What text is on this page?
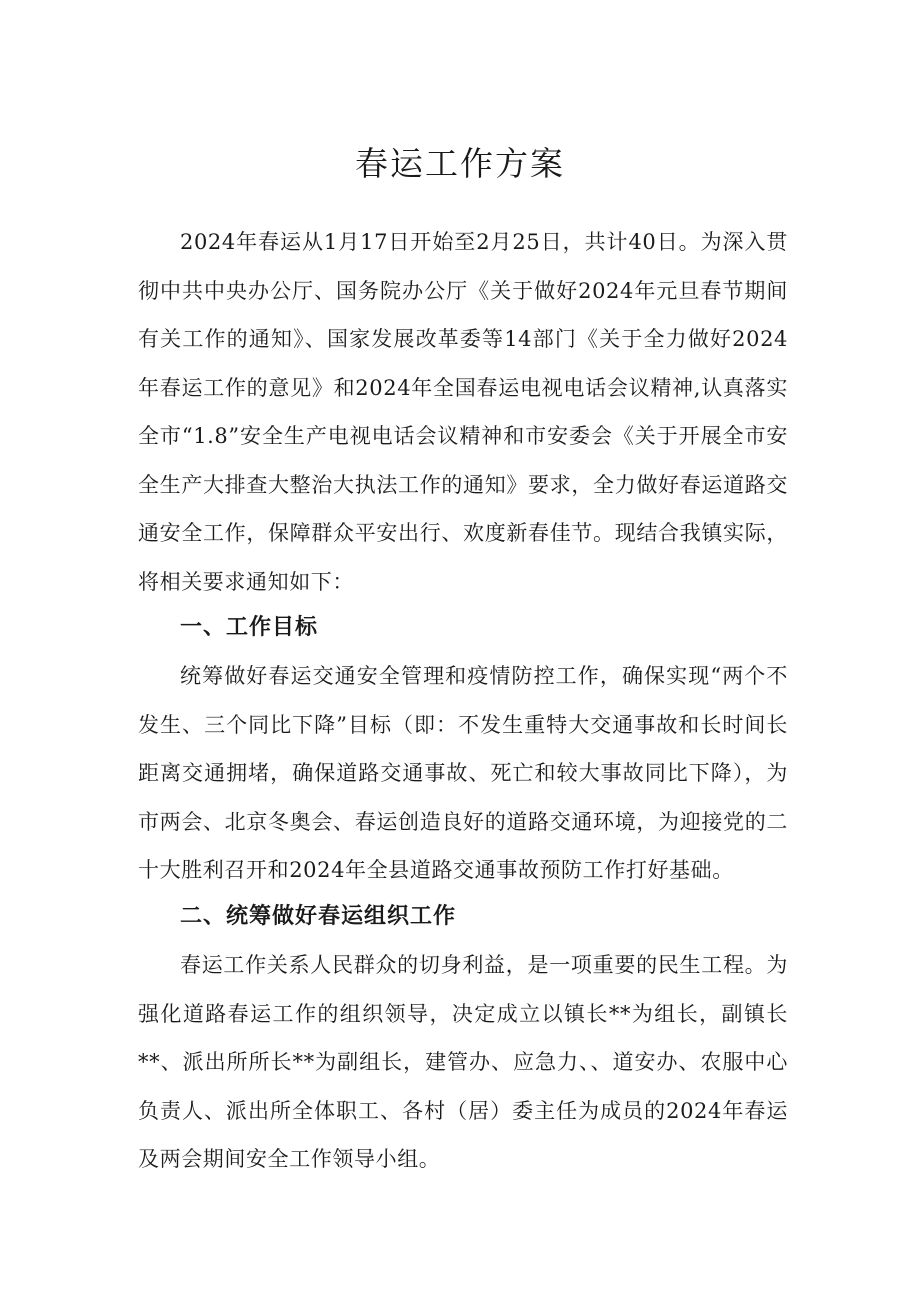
春运工作方案

2024年春运从1月17日开始至2月25日，共计40日。为深入贯彻中共中央办公厅、国务院办公厅《关于做好2024年元旦春节期间有关工作的通知》、国家发展改革委等14部门《关于全力做好2024年春运工作的意见》和2024年全国春运电视电话会议精神,认真落实全市“1.8”安全生产电视电话会议精神和市安委会《关于开展全市安全生产大排查大整治大执法工作的通知》要求，全力做好春运道路交通安全工作，保障群众平安出行、欢度新春佳节。现结合我镇实际，将相关要求通知如下：

一、工作目标

统筹做好春运交通安全管理和疫情防控工作，确保实现“两个不发生、三个同比下降”目标（即：不发生重特大交通事故和长时间长距离交通拥堵，确保道路交通事故、死亡和较大事故同比下降），为市两会、北京冬奥会、春运创造良好的道路交通环境，为迎接党的二十大胜利召开和2024年全县道路交通事故预防工作打好基础。

二、统筹做好春运组织工作

春运工作关系人民群众的切身利益，是一项重要的民生工程。为强化道路春运工作的组织领导，决定成立以镇长**为组长，副镇长**、派出所所长**为副组长，建管办、应急力、、道安办、农服中心负责人、派出所全体职工、各村（居）委主任为成员的2024年春运及两会期间安全工作领导小组。
